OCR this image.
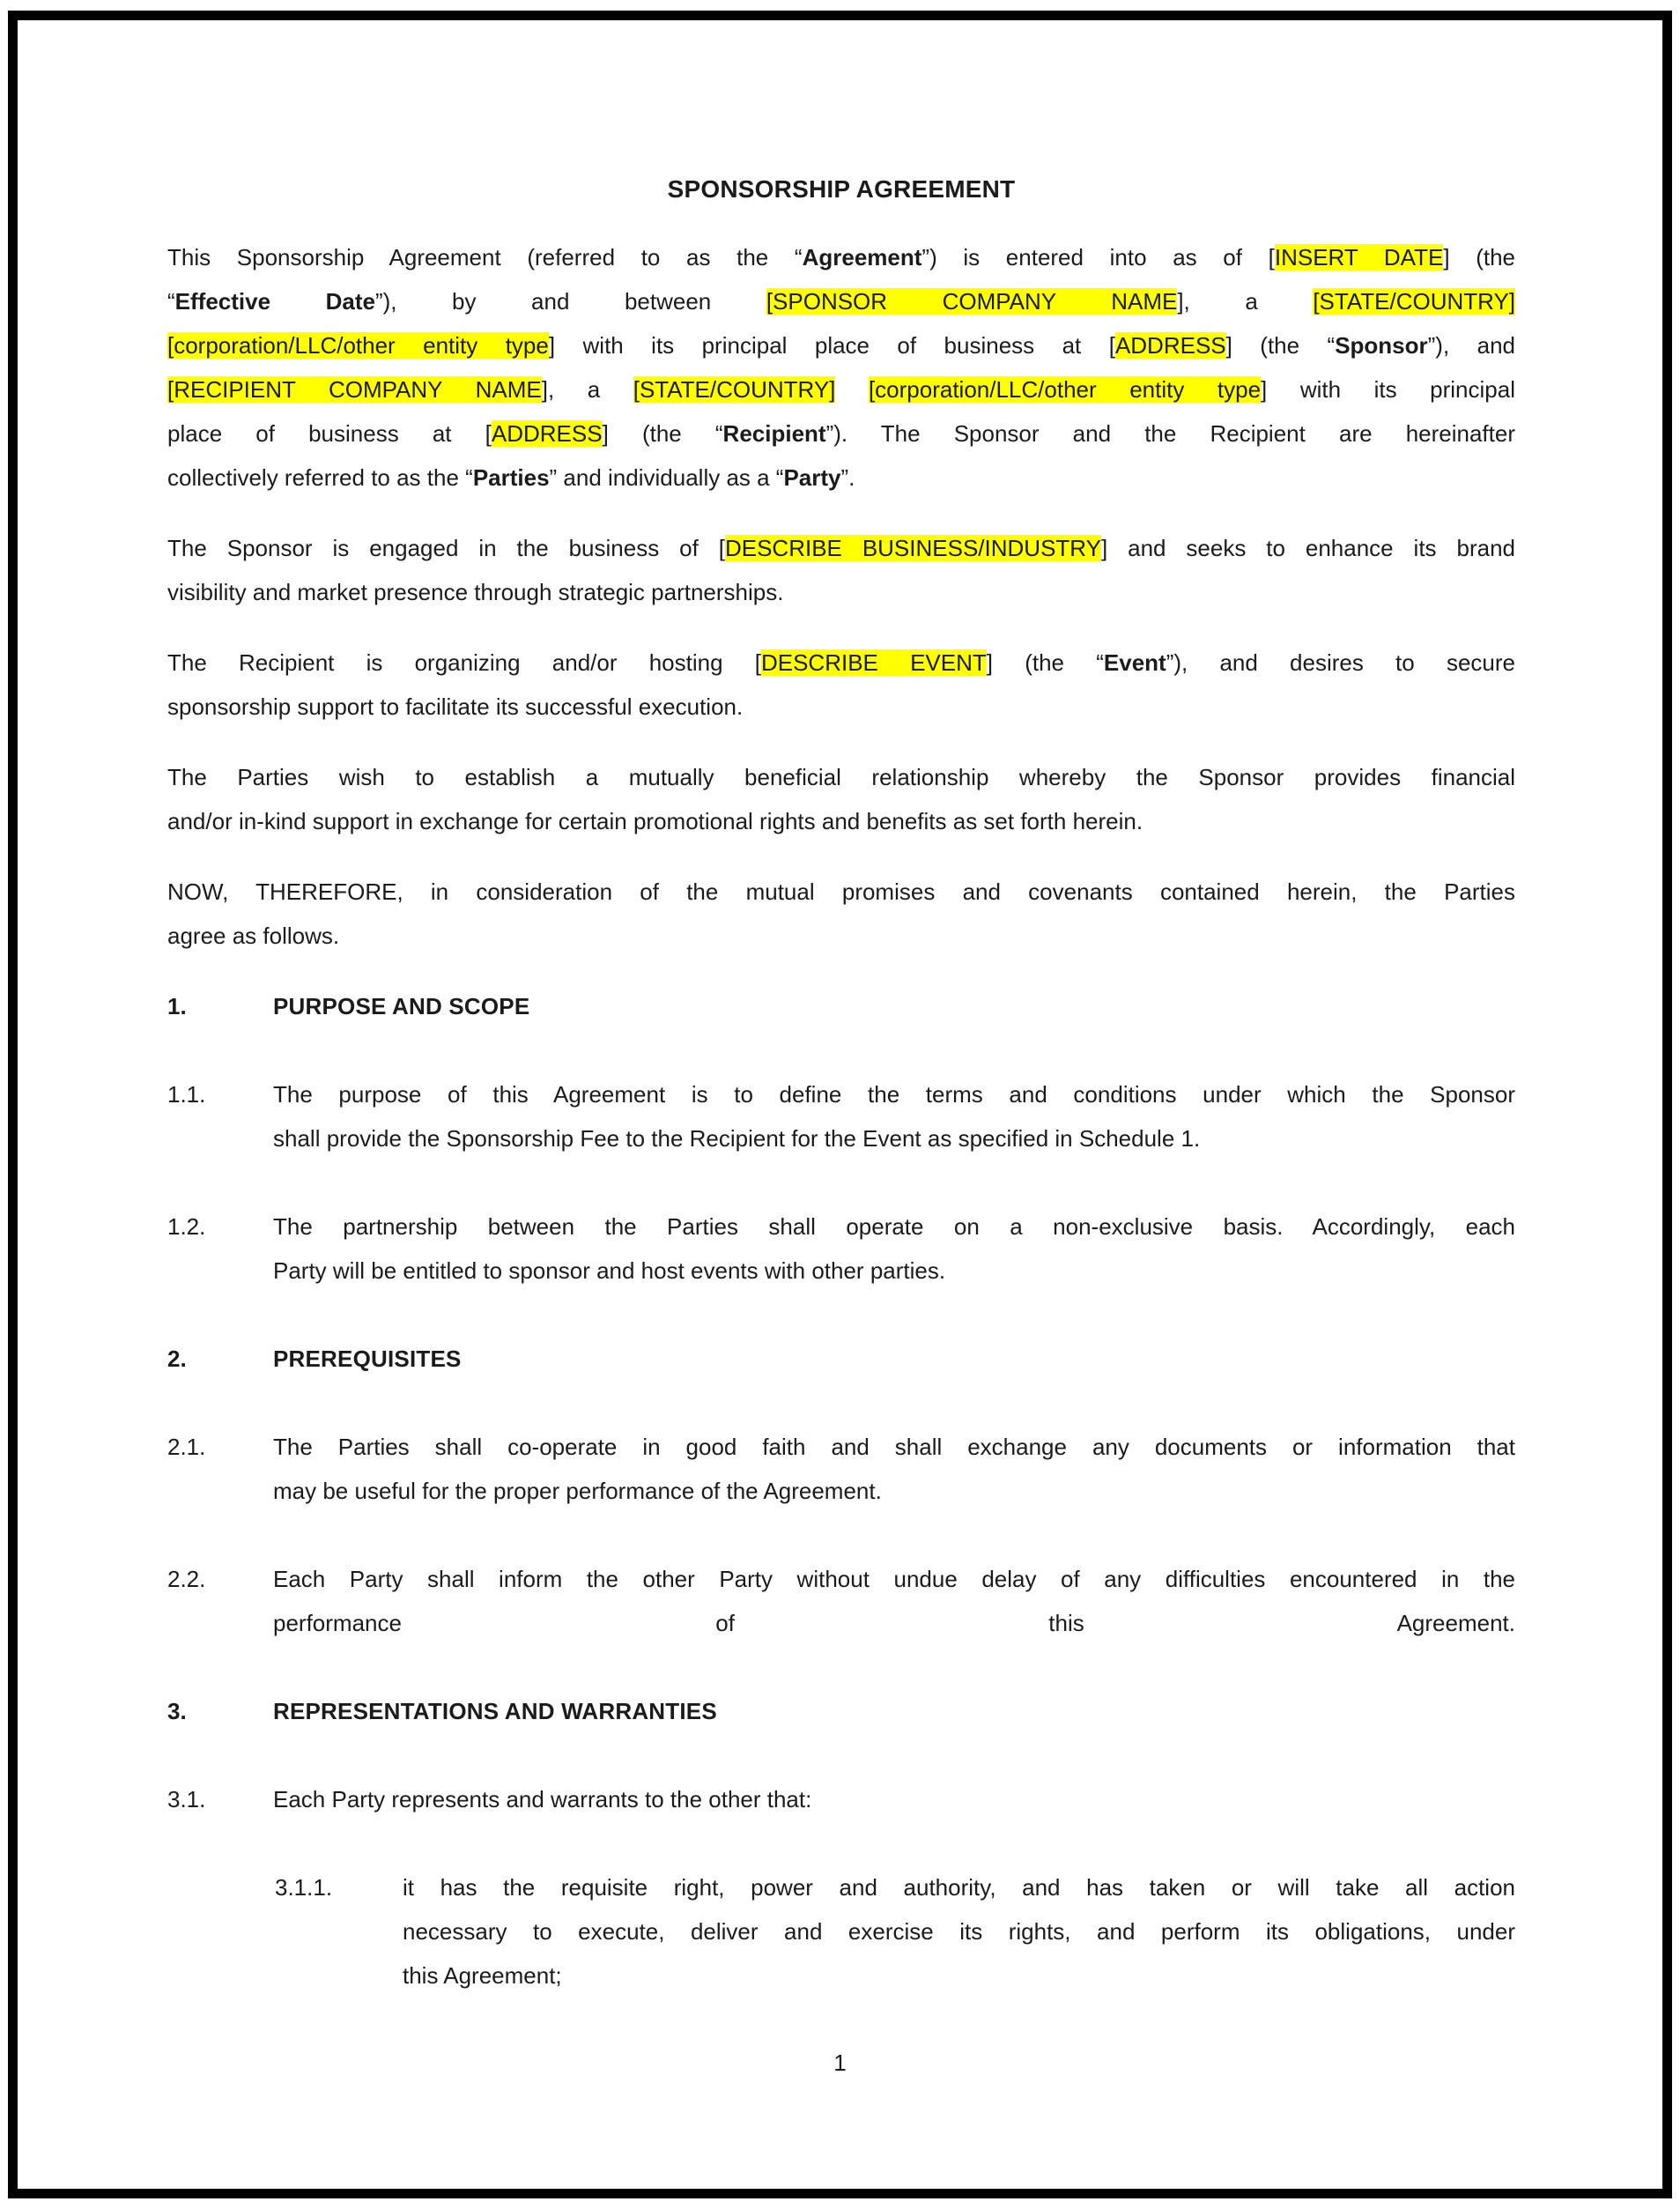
SPONSORSHIP AGREEMENT
This Sponsorship Agreement (referred to as the “Agreement”) is entered into as of [INSERT DATE] (the
“Effective Date”), by and between [SPONSOR COMPANY NAME], a [STATE/COUNTRY]
[corporation/LLC/other entity type] with its principal place of business at [ADDRESS] (the “Sponsor”), and
[RECIPIENT COMPANY NAME], a [STATE/COUNTRY] [corporation/LLC/other entity type] with its principal
place of business at [ADDRESS] (the “Recipient”). The Sponsor and the Recipient are hereinafter
collectively referred to as the “Parties” and individually as a “Party”.
The Sponsor is engaged in the business of [DESCRIBE BUSINESS/INDUSTRY] and seeks to enhance its brand
visibility and market presence through strategic partnerships.
The Recipient is organizing and/or hosting [DESCRIBE EVENT] (the “Event”), and desires to secure
sponsorship support to facilitate its successful execution.
The Parties wish to establish a mutually beneficial relationship whereby the Sponsor provides financial
and/or in-kind support in exchange for certain promotional rights and benefits as set forth herein.
NOW, THEREFORE, in consideration of the mutual promises and covenants contained herein, the Parties
agree as follows.
1.	PURPOSE AND SCOPE
1.1.	The purpose of this Agreement is to define the terms and conditions under which the Sponsor
shall provide the Sponsorship Fee to the Recipient for the Event as specified in Schedule 1.
1.2.	The partnership between the Parties shall operate on a non-exclusive basis. Accordingly, each
Party will be entitled to sponsor and host events with other parties.
2.	PREREQUISITES
2.1.	The Parties shall co-operate in good faith and shall exchange any documents or information that
may be useful for the proper performance of the Agreement.
2.2.	Each Party shall inform the other Party without undue delay of any difficulties encountered in the
performance of this Agreement.
3.	REPRESENTATIONS AND WARRANTIES
3.1.	Each Party represents and warrants to the other that:
3.1.1.	it has the requisite right, power and authority, and has taken or will take all action
necessary to execute, deliver and exercise its rights, and perform its obligations, under
this Agreement;
1
